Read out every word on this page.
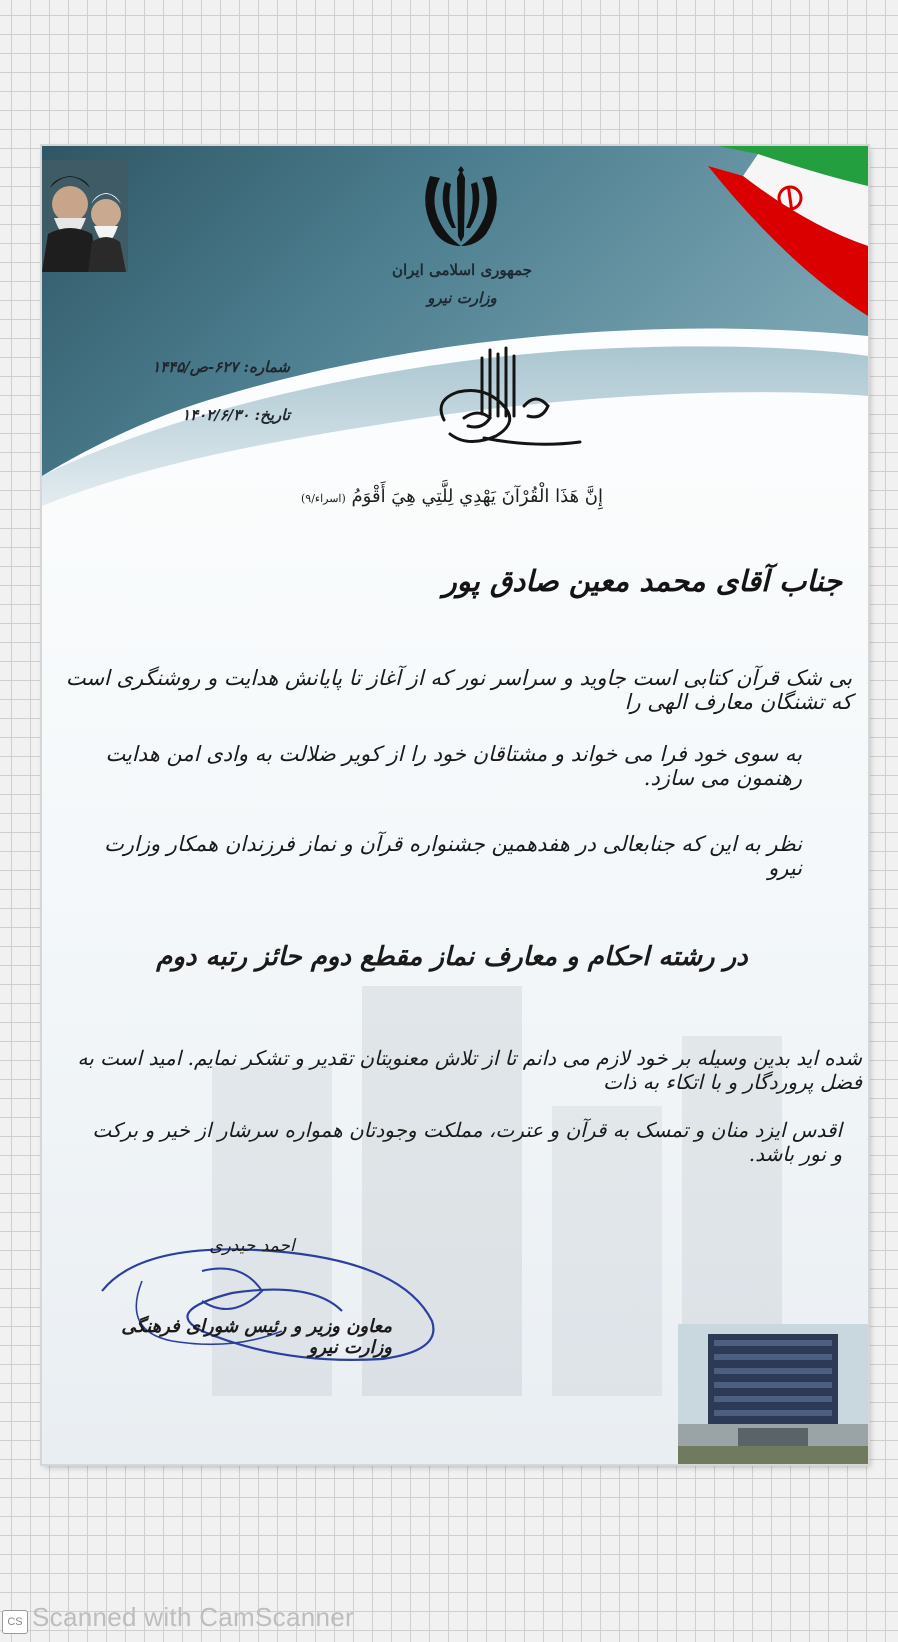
جمهوری اسلامی ایران
وزارت نیرو
شماره: ۶۲۷-ص/۱۴۴۵
تاریخ: ۱۴۰۲/۶/۳۰
إِنَّ هَذَا الْقُرْآنَ يَهْدِي لِلَّتِي هِيَ أَقْوَمُ (اسراء/۹)
جناب آقای محمد معین صادق پور
بی شک قرآن کتابی است جاوید و سراسر نور که از آغاز تا پایانش هدایت و روشنگری است که تشنگان معارف الهی را
به سوی خود فرا می خواند و مشتاقان خود را از کویر ضلالت به وادی امن هدایت رهنمون می سازد.
نظر به این که جنابعالی در هفدهمین جشنواره قرآن و نماز فرزندان همکار وزارت نیرو
در رشته احکام و معارف نماز مقطع دوم حائز رتبه دوم
شده اید بدین وسیله بر خود لازم می دانم تا از تلاش معنویتان تقدیر و تشکر نمایم. امید است به فضل پروردگار و با اتکاء به ذات
اقدس ایزد منان و تمسک به قرآن و عترت، مملکت وجودتان همواره سرشار از خیر و برکت و نور باشد.
احمد حیدری
معاون وزیر و رئیس شورای فرهنگی وزارت نیرو
CS Scanned with CamScanner
